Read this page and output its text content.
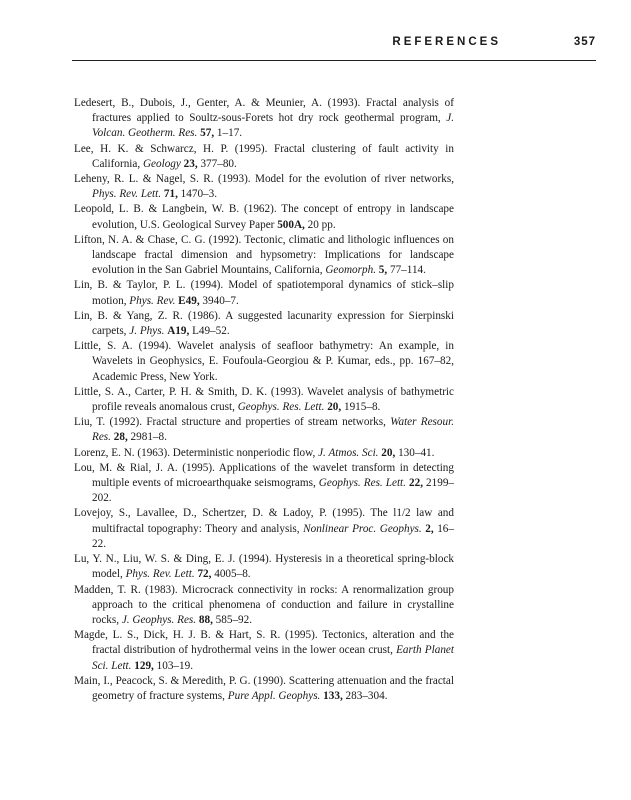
REFERENCES	357
Ledesert, B., Dubois, J., Genter, A. & Meunier, A. (1993). Fractal analysis of fractures applied to Soultz-sous-Forets hot dry rock geothermal program, J. Volcan. Geotherm. Res. 57, 1–17.
Lee, H. K. & Schwarcz, H. P. (1995). Fractal clustering of fault activity in California, Geology 23, 377–80.
Leheny, R. L. & Nagel, S. R. (1993). Model for the evolution of river networks, Phys. Rev. Lett. 71, 1470–3.
Leopold, L. B. & Langbein, W. B. (1962). The concept of entropy in landscape evolution, U.S. Geological Survey Paper 500A, 20 pp.
Lifton, N. A. & Chase, C. G. (1992). Tectonic, climatic and lithologic influences on landscape fractal dimension and hypsometry: Implications for landscape evolution in the San Gabriel Mountains, California, Geomorph. 5, 77–114.
Lin, B. & Taylor, P. L. (1994). Model of spatiotemporal dynamics of stick–slip motion, Phys. Rev. E49, 3940–7.
Lin, B. & Yang, Z. R. (1986). A suggested lacunarity expression for Sierpinski carpets, J. Phys. A19, L49–52.
Little, S. A. (1994). Wavelet analysis of seafloor bathymetry: An example, in Wavelets in Geophysics, E. Foufoula-Georgiou & P. Kumar, eds., pp. 167–82, Academic Press, New York.
Little, S. A., Carter, P. H. & Smith, D. K. (1993). Wavelet analysis of bathymetric profile reveals anomalous crust, Geophys. Res. Lett. 20, 1915–8.
Liu, T. (1992). Fractal structure and properties of stream networks, Water Resour. Res. 28, 2981–8.
Lorenz, E. N. (1963). Deterministic nonperiodic flow, J. Atmos. Sci. 20, 130–41.
Lou, M. & Rial, J. A. (1995). Applications of the wavelet transform in detecting multiple events of microearthquake seismograms, Geophys. Res. Lett. 22, 2199–202.
Lovejoy, S., Lavallee, D., Schertzer, D. & Ladoy, P. (1995). The l1/2 law and multifractal topography: Theory and analysis, Nonlinear Proc. Geophys. 2, 16–22.
Lu, Y. N., Liu, W. S. & Ding, E. J. (1994). Hysteresis in a theoretical spring-block model, Phys. Rev. Lett. 72, 4005–8.
Madden, T. R. (1983). Microcrack connectivity in rocks: A renormalization group approach to the critical phenomena of conduction and failure in crystalline rocks, J. Geophys. Res. 88, 585–92.
Magde, L. S., Dick, H. J. B. & Hart, S. R. (1995). Tectonics, alteration and the fractal distribution of hydrothermal veins in the lower ocean crust, Earth Planet Sci. Lett. 129, 103–19.
Main, I., Peacock, S. & Meredith, P. G. (1990). Scattering attenuation and the fractal geometry of fracture systems, Pure Appl. Geophys. 133, 283–304.
